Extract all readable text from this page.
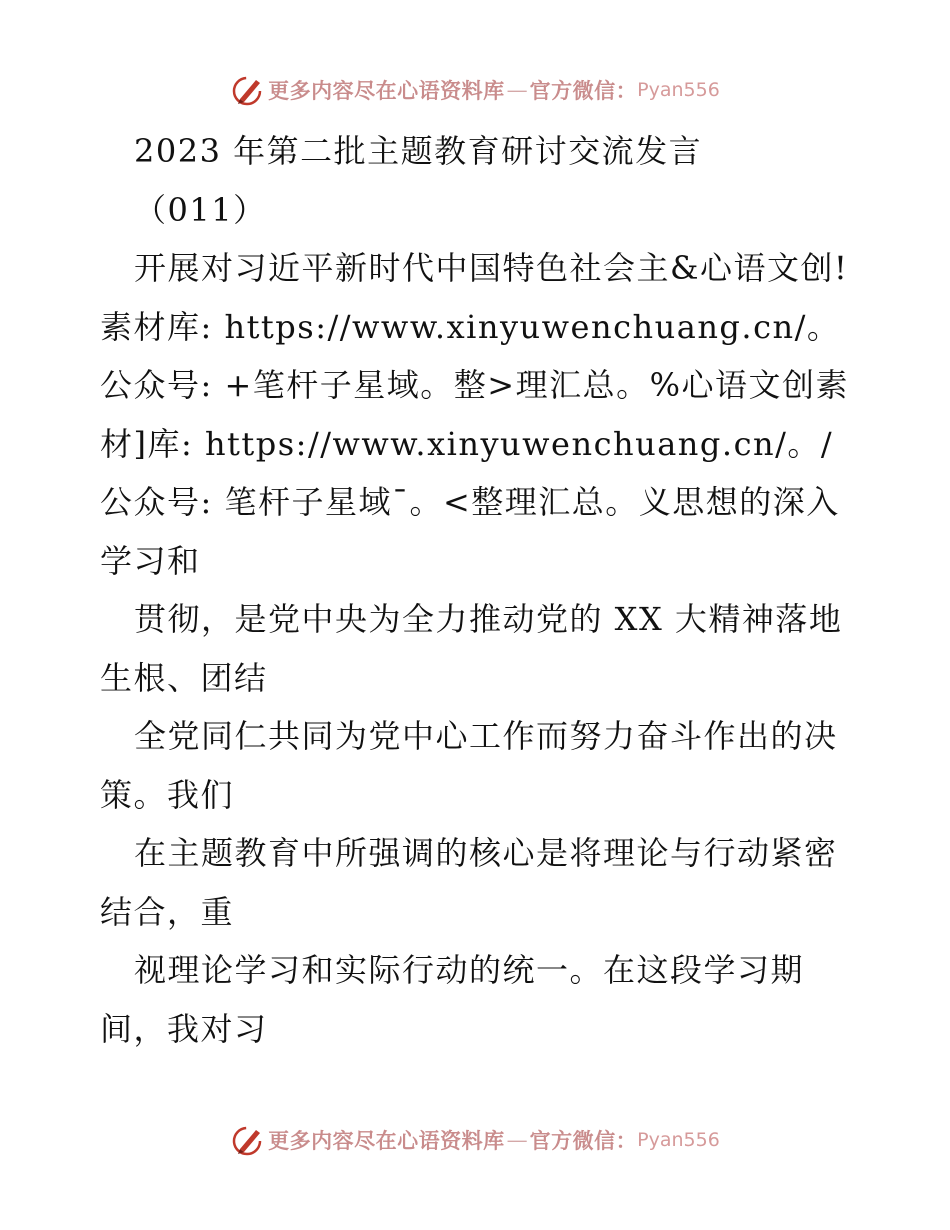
更多内容尽在心语资料库 — 官方微信： Pyan556

2023 年第二批主题教育研讨交流发言

（011）

开展对习近平新时代中国特色社会主&心语文创! 素材库: https://www.xinyuwenchuang.cn/。公众号: +笔杆子星域。整>理汇总。%心语文创素材]库: https://www.xinyuwenchuang.cn/。/公众号: 笔杆子星域¯。<整理汇总。义思想的深入学习和

贯彻，是党中央为全力推动党的 XX 大精神落地生根、团结

全党同仁共同为党中心工作而努力奋斗作出的决策。我们

在主题教育中所强调的核心是将理论与行动紧密结合，重

视理论学习和实际行动的统一。在这段学习期间，我对习

更多内容尽在心语资料库 — 官方微信： Pyan556
